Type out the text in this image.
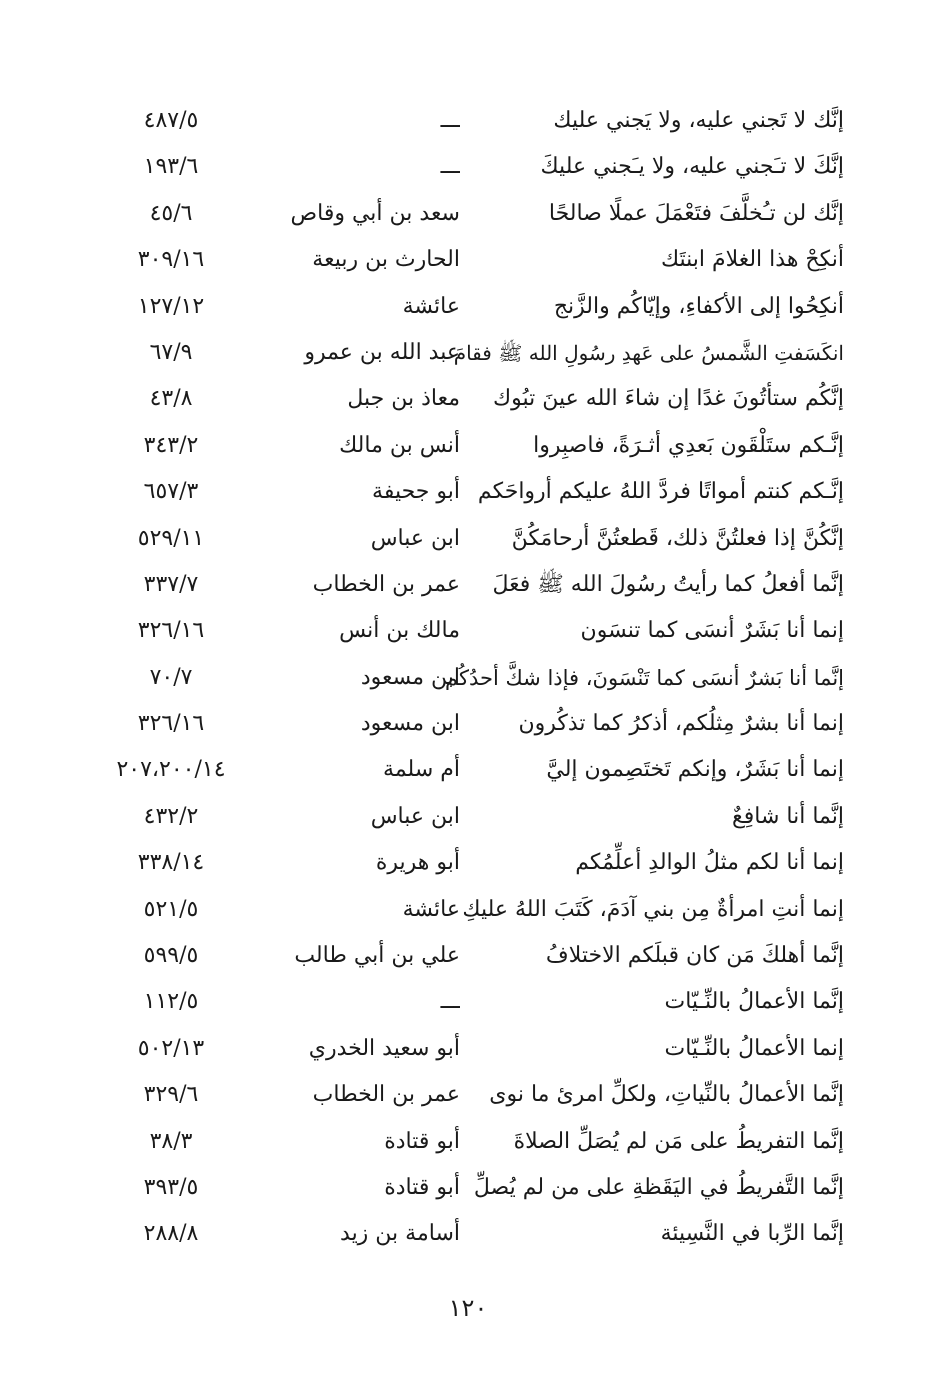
إنَّك لا تَجني عليه، ولا يَجني عليك
ـــ
٤٨٧/٥
إنَّكَ لا تـَجني عليه، ولا يـَجني عليكَ
ـــ
١٩٣/٦
إنَّك لن تـُخلَّفَ فتَعْمَلَ عملًا صالحًا
سعد بن أبي وقاص
٤٥/٦
أنكِحْ هذا الغلامَ ابنتَك
الحارث بن ربيعة
٣٠٩/١٦
أنكِحُوا إلى الأكفاءِ، وإيّاكُم والزَّنج
عائشة
١٢٧/١٢
انكَسَفتِ الشَّمسُ على عَهدِ رسُولِ الله ﷺ فقامَ
عبد الله بن عمرو
٦٧/٩
إنَّكُم ستأتُونَ غدًا إن شاءَ الله عينَ تبُوك
معاذ بن جبل
٤٣/٨
إنَّـكم ستَلْقَون بَعدِي أثـرَةً، فاصبِروا
أنس بن مالك
٣٤٣/٢
إنَّـكم كنتم أمواتًا فردَّ اللهُ عليكم أرواحَكم
أبو جحيفة
٦٥٧/٣
إنَّكُنَّ إذا فعلتُنَّ ذلك، قَطعتُنَّ أرحامَكُنَّ
ابن عباس
٥٢٩/١١
إنَّما أفعلُ كما رأيتُ رسُولَ الله ﷺ فعَلَ
عمر بن الخطاب
٣٣٧/٧
إنما أنا بَشَرٌ أنسَى كما تنسَون
مالك بن أنس
٣٢٦/١٦
إنَّما أنا بَشرٌ أنسَى كما تَنْسَونَ، فإذا شكَّ أحدُكُم
ابن مسعود
٧٠/٧
إنما أنا بشرٌ مِثلُكم، أذكرُ كما تذكُرون
ابن مسعود
٣٢٦/١٦
إنما أنا بَشَرٌ، وإنكم تَختَصِمون إليَّ
أم سلمة
٢٠٧،٢٠٠/١٤
إنَّما أنا شافِعٌ
ابن عباس
٤٣٢/٢
إنما أنا لكم مثلُ الوالدِ أعلِّمُكم
أبو هريرة
٣٣٨/١٤
إنما أنتِ امرأةٌ مِن بني آدَمَ، كَتَبَ اللهُ عليكِ
عائشة
٥٢١/٥
إنَّما أهلكَ مَن كان قبلَكم الاختلافُ
علي بن أبي طالب
٥٩٩/٥
إنَّما الأعمالُ بالنِّـيّات
ـــ
١١٢/٥
إنما الأعمالُ بالنِّـيّات
أبو سعيد الخدري
٥٠٢/١٣
إنَّما الأعمالُ بالنِّياتِ، ولكلِّ امرئ ما نوى
عمر بن الخطاب
٣٢٩/٦
إنَّما التفريطُ على مَن لم يُصَلِّ الصلاةَ
أبو قتادة
٣٨/٣
إنَّما التَّفريطُ في اليَقَظةِ على من لم يُصلِّ
أبو قتادة
٣٩٣/٥
إنَّما الرِّبا في النَّسِيئة
أسامة بن زيد
٢٨٨/٨
١٢٠
